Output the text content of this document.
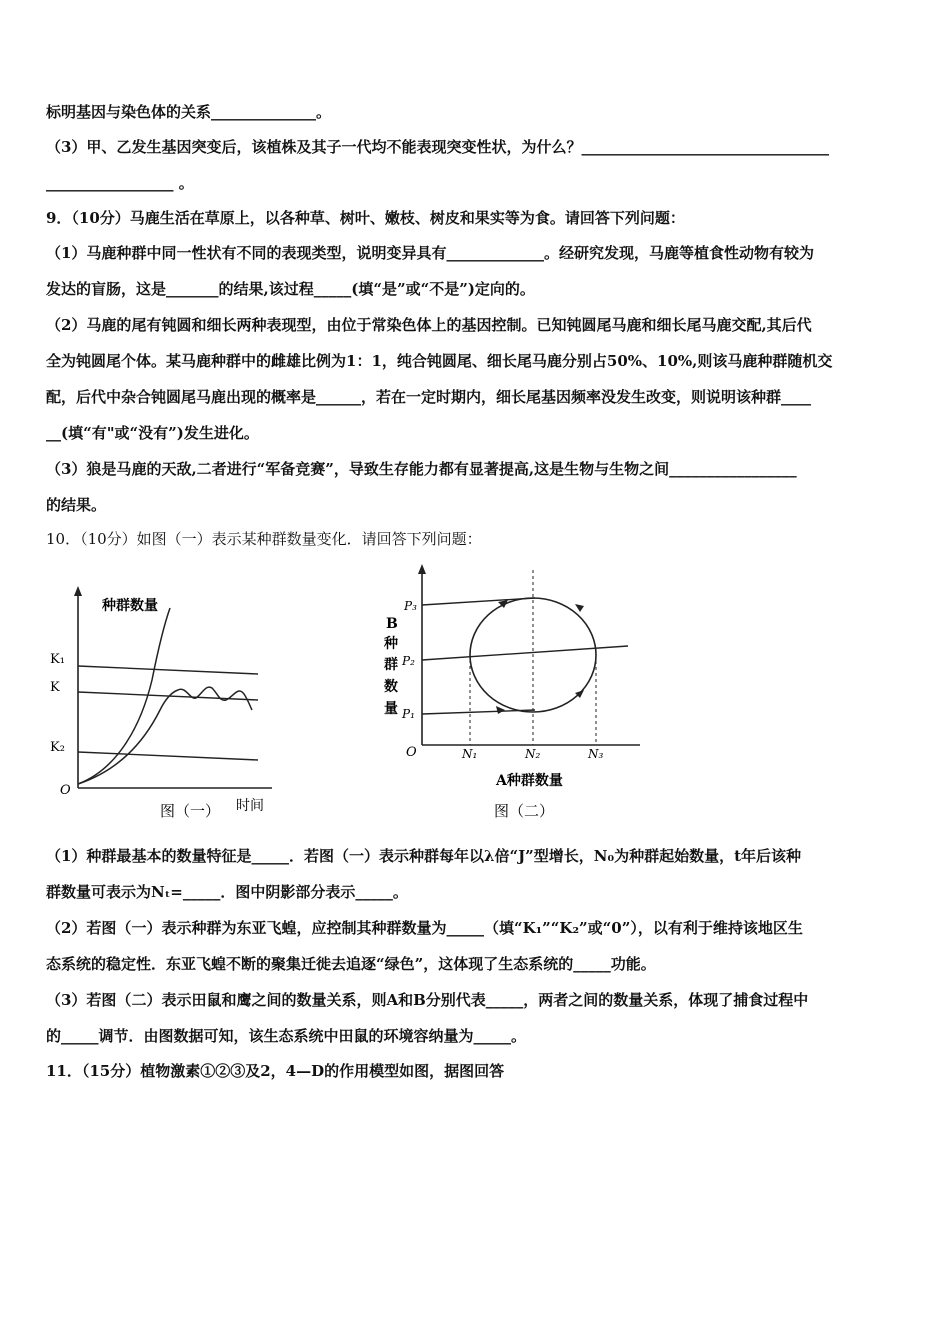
标明基因与染色体的关系______________。
（3）甲、乙发生基因突变后，该植株及其子一代均不能表现突变性状，为什么？_________________________________
_________________ 。
9．（10分）马鹿生活在草原上，以各种草、树叶、嫩枝、树皮和果实等为食。请回答下列问题：
（1）马鹿种群中同一性状有不同的表现类型，说明变异具有_____________。经研究发现，马鹿等植食性动物有较为
发达的盲肠，这是_______的结果,该过程_____(填“是”或“不是”)定向的。
（2）马鹿的尾有钝圆和细长两种表现型，由位于常染色体上的基因控制。已知钝圆尾马鹿和细长尾马鹿交配,其后代
全为钝圆尾个体。某马鹿种群中的雌雄比例为1：1，纯合钝圆尾、细长尾马鹿分别占50%、10%,则该马鹿种群随机交
配，后代中杂合钝圆尾马鹿出现的概率是______，若在一定时期内，细长尾基因频率没发生改变，则说明该种群____
__(填“有"或“没有”)发生进化。
（3）狼是马鹿的天敌,二者进行“军备竞赛”，导致生存能力都有显著提高,这是生物与生物之间_________________
的结果。
10．（10分）如图（一）表示某种群数量变化．请回答下列问题：
种群数量
K₁
K
K₂
O
图（一） 时间
B
种
群
数
量
P₃
P₂
P₁
O	N₁	N₂	N₃
A种群数量
图（二）
（1）种群最基本的数量特征是_____．若图（一）表示种群每年以λ倍“J”型增长，N₀为种群起始数量，t年后该种
群数量可表示为Nₜ=_____．图中阴影部分表示_____。
（2）若图（一）表示种群为东亚飞蝗，应控制其种群数量为_____（填“K₁”“K₂”或“0”），以有利于维持该地区生
态系统的稳定性．东亚飞蝗不断的聚集迁徙去追逐“绿色”，这体现了生态系统的_____功能。
（3）若图（二）表示田鼠和鹰之间的数量关系，则A和B分别代表_____，两者之间的数量关系，体现了捕食过程中
的_____调节．由图数据可知，该生态系统中田鼠的环境容纳量为_____。
11．（15分）植物激素①②③及2，4—D的作用模型如图，据图回答
